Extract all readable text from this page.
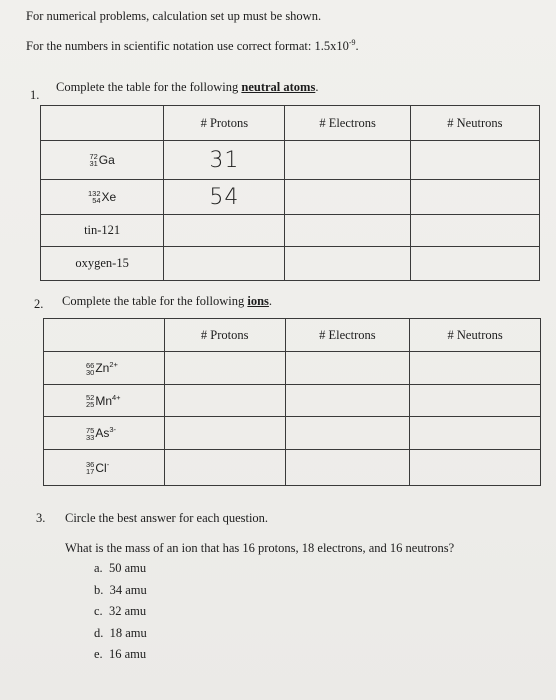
For numerical problems, calculation set up must be shown.
For the numbers in scientific notation use correct format: $1.5x10^{-9}$.
1.
Complete the table for the following neutral atoms.
	# Protons	# Electrons	# Neutrons
72
31Ga	31		
132
54Xe	54		
tin-121			
oxygen-15			
2. Complete the table for the following ions.
	# Protons	# Electrons	# Neutrons
66
$30Zn^{2+}$			
52
$25Mn^{4+}$			
75
$33As^{3-}$			
36
17Cl-			
3. Circle the best answer for each question.
What is the mass of an ion that has 16 protons, 18 electrons, and 16 neutrons?
a. 50 amu
b. 34 amu
c. 32 amu
d. 18 amu
e. 16 amu
